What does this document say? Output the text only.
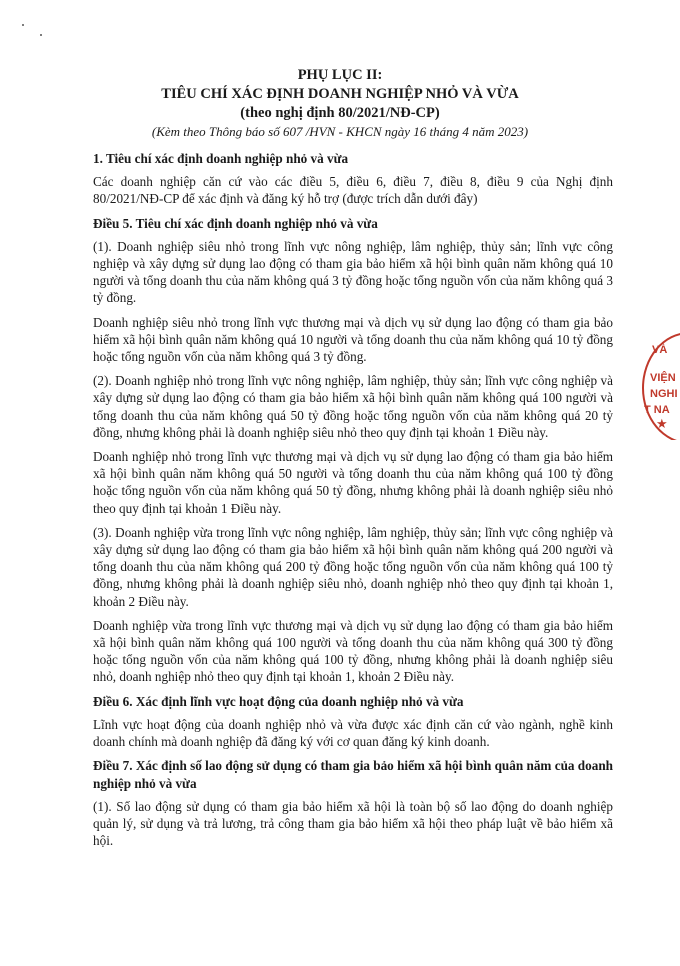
PHỤ LỤC II:
TIÊU CHÍ XÁC ĐỊNH DOANH NGHIỆP NHỎ VÀ VỪA
(theo nghị định 80/2021/NĐ-CP)
(Kèm theo Thông báo số 607 /HVN - KHCN ngày 16 tháng 4 năm 2023)

1. Tiêu chí xác định doanh nghiệp nhỏ và vừa

Các doanh nghiệp căn cứ vào các điều 5, điều 6, điều 7, điều 8, điều 9 của Nghị định 80/2021/NĐ-CP để xác định và đăng ký hỗ trợ (được trích dẫn dưới đây)

Điều 5. Tiêu chí xác định doanh nghiệp nhỏ và vừa

(1). Doanh nghiệp siêu nhỏ trong lĩnh vực nông nghiệp, lâm nghiệp, thủy sản; lĩnh vực công nghiệp và xây dựng sử dụng lao động có tham gia bảo hiểm xã hội bình quân năm không quá 10 người và tổng doanh thu của năm không quá 3 tỷ đồng hoặc tổng nguồn vốn của năm không quá 3 tỷ đồng.

Doanh nghiệp siêu nhỏ trong lĩnh vực thương mại và dịch vụ sử dụng lao động có tham gia bảo hiểm xã hội bình quân năm không quá 10 người và tổng doanh thu của năm không quá 10 tỷ đồng hoặc tổng nguồn vốn của năm không quá 3 tỷ đồng.

(2). Doanh nghiệp nhỏ trong lĩnh vực nông nghiệp, lâm nghiệp, thủy sản; lĩnh vực công nghiệp và xây dựng sử dụng lao động có tham gia bảo hiểm xã hội bình quân năm không quá 100 người và tổng doanh thu của năm không quá 50 tỷ đồng hoặc tổng nguồn vốn của năm không quá 20 tỷ đồng, nhưng không phải là doanh nghiệp siêu nhỏ theo quy định tại khoản 1 Điều này.

Doanh nghiệp nhỏ trong lĩnh vực thương mại và dịch vụ sử dụng lao động có tham gia bảo hiểm xã hội bình quân năm không quá 50 người và tổng doanh thu của năm không quá 100 tỷ đồng hoặc tổng nguồn vốn của năm không quá 50 tỷ đồng, nhưng không phải là doanh nghiệp siêu nhỏ theo quy định tại khoản 1 Điều này.

(3). Doanh nghiệp vừa trong lĩnh vực nông nghiệp, lâm nghiệp, thủy sản; lĩnh vực công nghiệp và xây dựng sử dụng lao động có tham gia bảo hiểm xã hội bình quân năm không quá 200 người và tổng doanh thu của năm không quá 200 tỷ đồng hoặc tổng nguồn vốn của năm không quá 100 tỷ đồng, nhưng không phải là doanh nghiệp siêu nhỏ, doanh nghiệp nhỏ theo quy định tại khoản 1, khoản 2 Điều này.

Doanh nghiệp vừa trong lĩnh vực thương mại và dịch vụ sử dụng lao động có tham gia bảo hiểm xã hội bình quân năm không quá 100 người và tổng doanh thu của năm không quá 300 tỷ đồng hoặc tổng nguồn vốn của năm không quá 100 tỷ đồng, nhưng không phải là doanh nghiệp siêu nhỏ, doanh nghiệp nhỏ theo quy định tại khoản 1, khoản 2 Điều này.

Điều 6. Xác định lĩnh vực hoạt động của doanh nghiệp nhỏ và vừa

Lĩnh vực hoạt động của doanh nghiệp nhỏ và vừa được xác định căn cứ vào ngành, nghề kinh doanh chính mà doanh nghiệp đã đăng ký với cơ quan đăng ký kinh doanh.

Điều 7. Xác định số lao động sử dụng có tham gia bảo hiểm xã hội bình quân năm của doanh nghiệp nhỏ và vừa

(1). Số lao động sử dụng có tham gia bảo hiểm xã hội là toàn bộ số lao động do doanh nghiệp quản lý, sử dụng và trả lương, trả công tham gia bảo hiểm xã hội theo pháp luật về bảo hiểm xã hội.

VÀ
VIỆN
NGHI
T NA
★
